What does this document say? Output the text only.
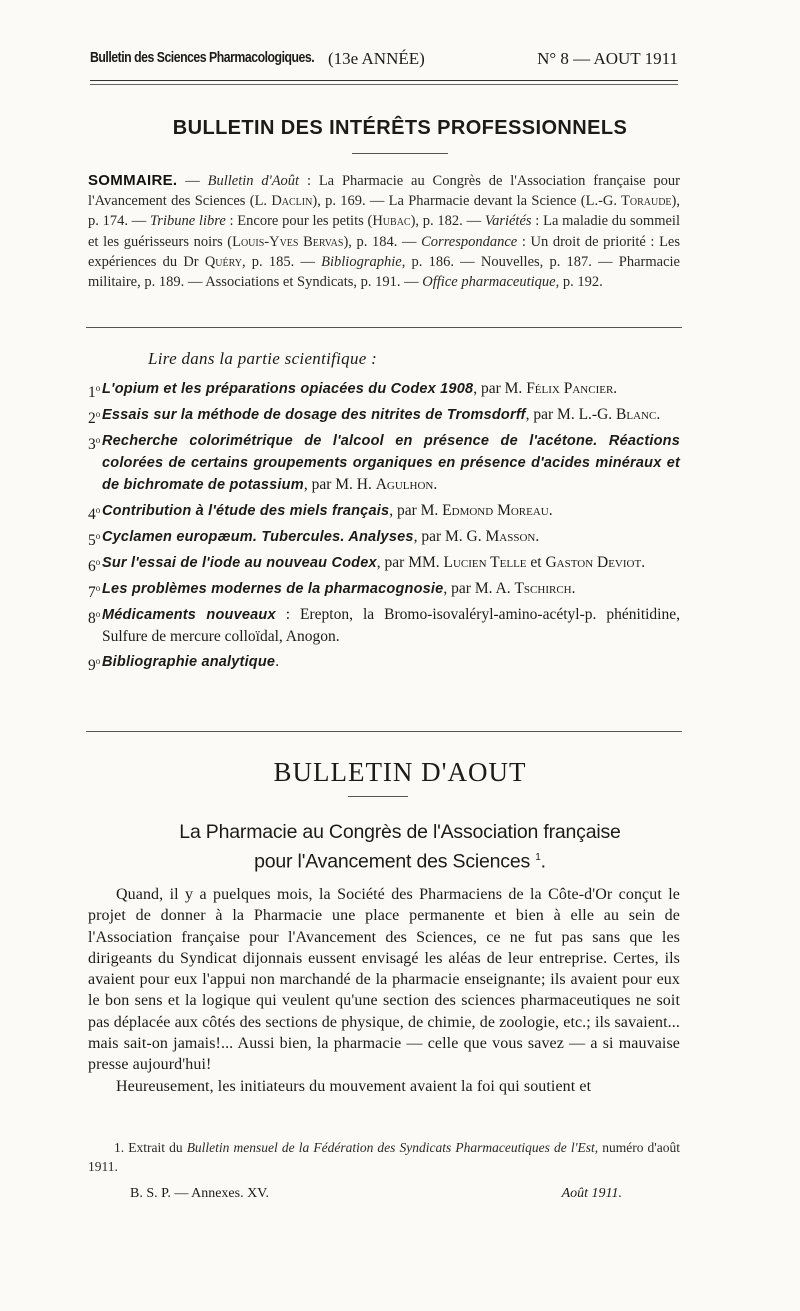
Bulletin des Sciences Pharmacologiques. (13e ANNÉE)	N° 8 — AOUT 1911
BULLETIN DES INTÉRÊTS PROFESSIONNELS
SOMMAIRE. — Bulletin d'Août : La Pharmacie au Congrès de l'Association française pour l'Avancement des Sciences (L. Daclin), p. 169. — La Pharmacie devant la Science (L.-G. Toraude), p. 174. — Tribune libre : Encore pour les petits (Hubac), p. 182. — Variétés : La maladie du sommeil et les guérisseurs noirs (Louis-Yves Bervas), p. 184. — Correspondance : Un droit de priorité : Les expériences du Dr Quéry, p. 185. — Bibliographie, p. 186. — Nouvelles, p. 187. — Pharmacie militaire, p. 189. — Associations et Syndicats, p. 191. — Office pharmaceutique, p. 192.
Lire dans la partie scientifique :
1$^o$ L'opium et les préparations opiacées du Codex 1908, par M. Félix Pancier.
2$^o$ Essais sur la méthode de dosage des nitrites de Tromsdorff, par M. L.-G. Blanc.
3$^o$ Recherche colorimétrique de l'alcool en présence de l'acétone. Réactions colorées de certains groupements organiques en présence d'acides minéraux et de bichromate de potassium, par M. H. Agulhon.
4$^o$ Contribution à l'étude des miels français, par M. Edmond Moreau.
5$^o$ Cyclamen europæum. Tubercules. Analyses, par M. G. Masson.
6$^o$ Sur l'essai de l'iode au nouveau Codex, par MM. Lucien Telle et Gaston Deviot.
7$^o$ Les problèmes modernes de la pharmacognosie, par M. A. Tschirch.
8$^o$ Médicaments nouveaux : Erepton, la Bromo-isovaléryl-amino-acétyl-p. phénitidine, Sulfure de mercure colloïdal, Anogon.
9$^o$ Bibliographie analytique.
BULLETIN D'AOUT
La Pharmacie au Congrès de l'Association française
pour l'Avancement des Sciences $^1$.

Quand, il y a puelques mois, la Société des Pharmaciens de la Côte-d'Or conçut le projet de donner à la Pharmacie une place permanente et bien à elle au sein de l'Association française pour l'Avancement des Sciences, ce ne fut pas sans que les dirigeants du Syndicat dijonnais eussent envisagé les aléas de leur entreprise. Certes, ils avaient pour eux l'appui non marchandé de la pharmacie enseignante; ils avaient pour eux le bon sens et la logique qui veulent qu'une section des sciences pharmaceutiques ne soit pas déplacée aux côtés des sections de physique, de chimie, de zoologie, etc.; ils savaient... mais sait-on jamais!... Aussi bien, la pharmacie — celle que vous savez — a si mauvaise presse aujourd'hui!

Heureusement, les initiateurs du mouvement avaient la foi qui soutient et

1. Extrait du Bulletin mensuel de la Fédération des Syndicats Pharmaceutiques de l'Est, numéro d'août 1911.
B. S. P. — Annexes. XV.	Août 1911.
